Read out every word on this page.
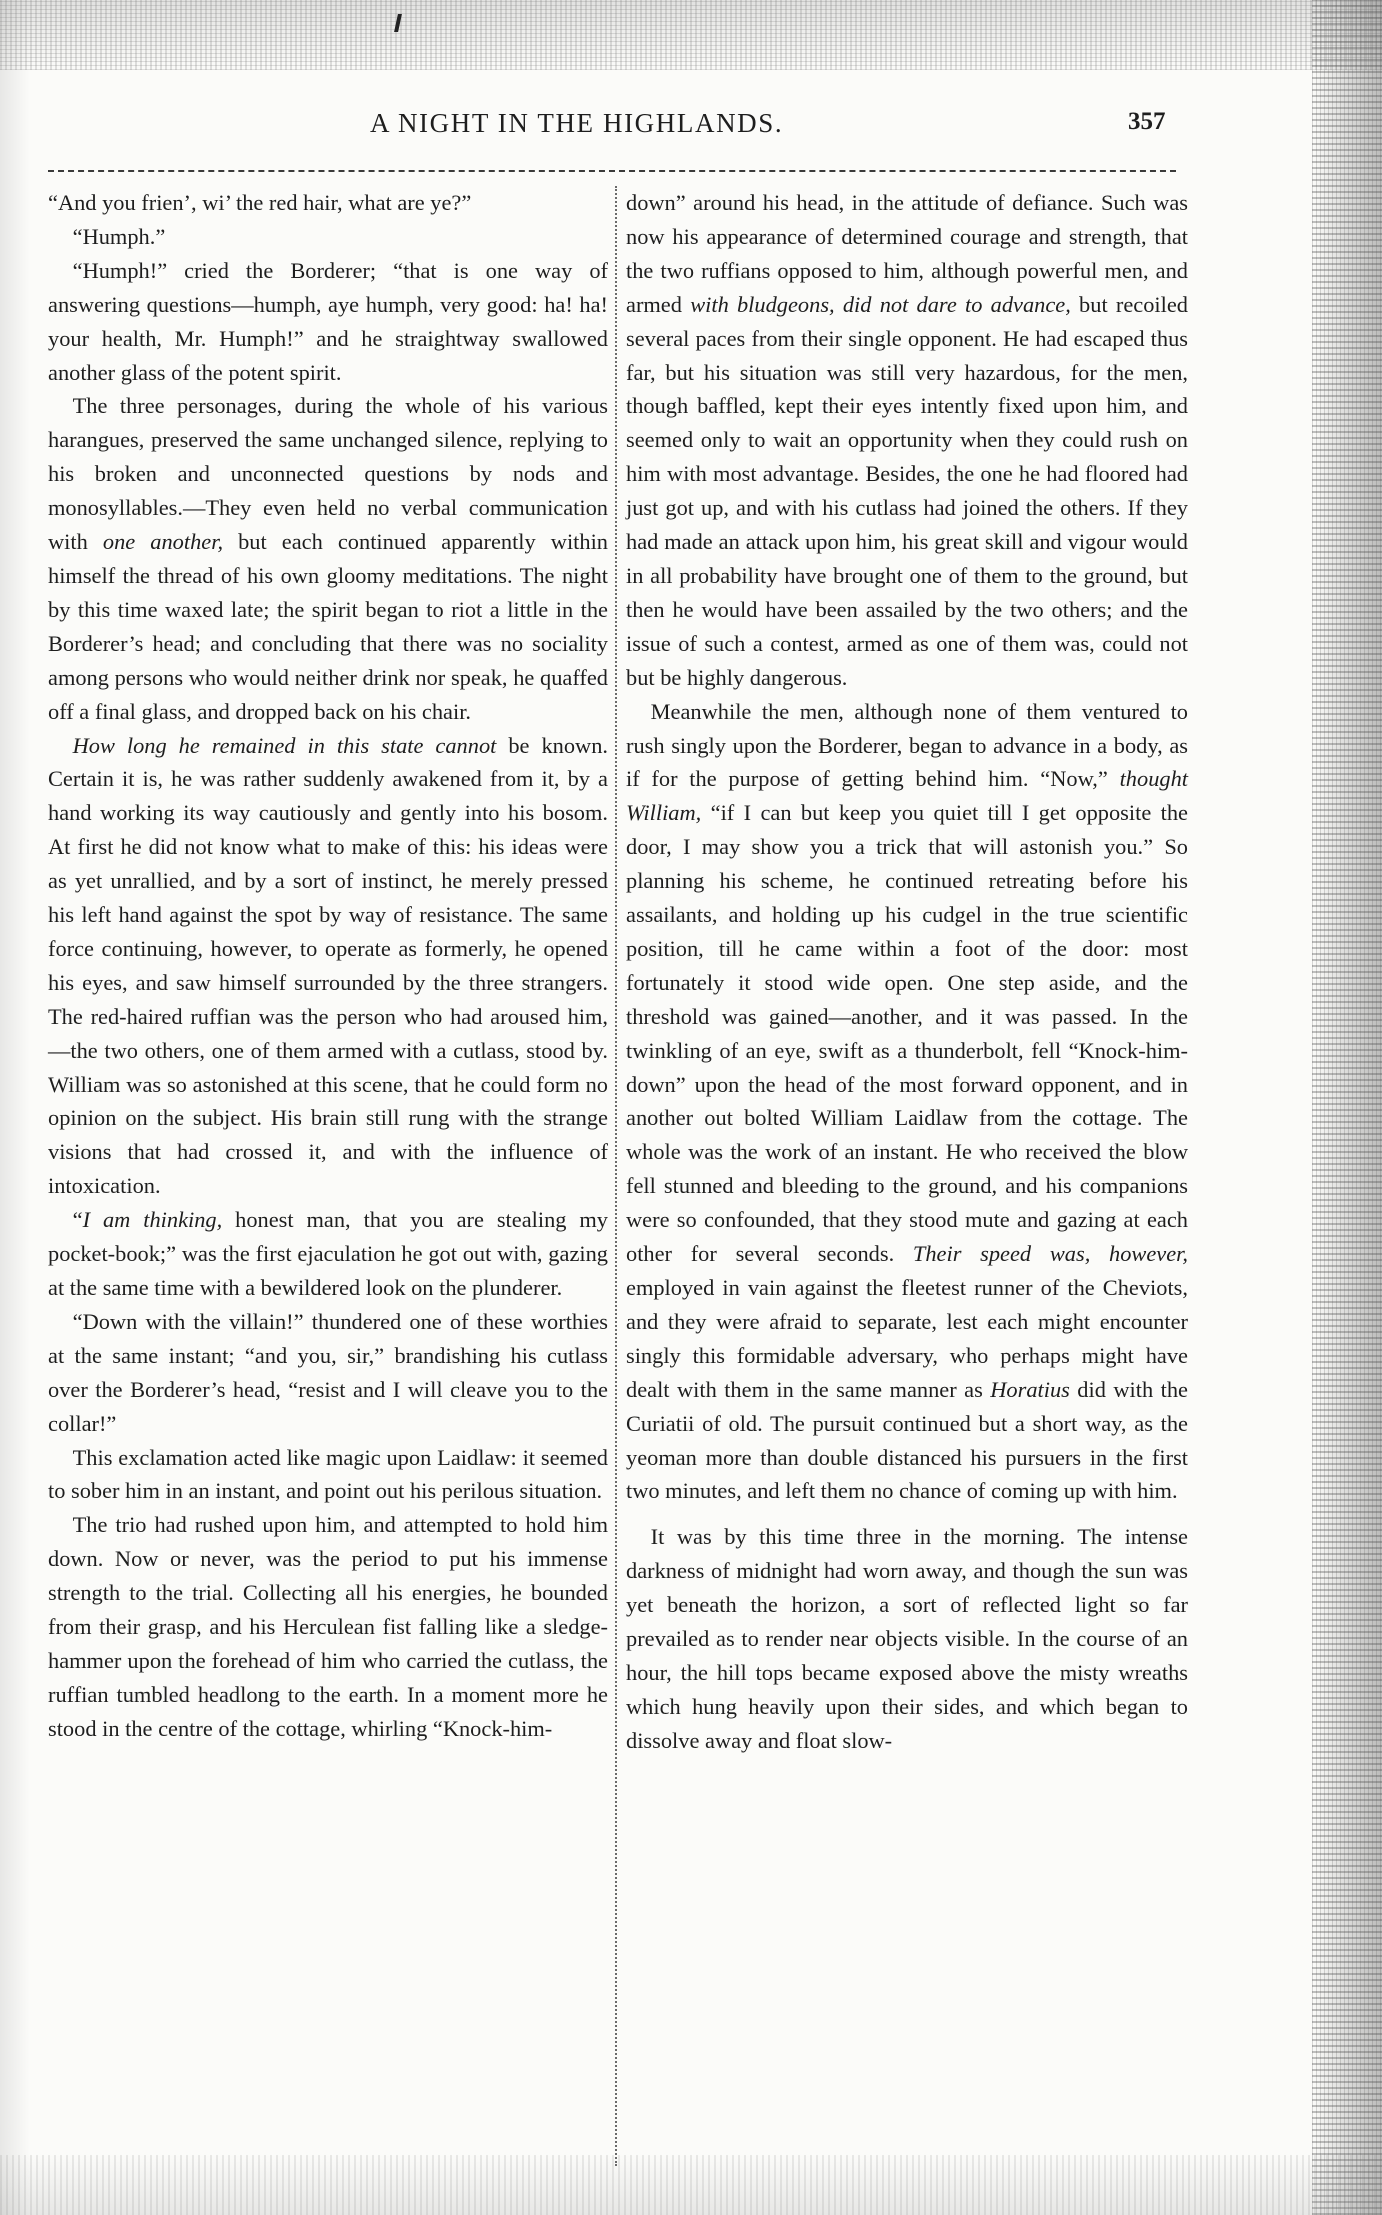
A NIGHT IN THE HIGHLANDS.	357

“And you frien’, wi’ the red hair, what are ye?”

“Humph.”

“Humph!” cried the Borderer; “that is one way of answering questions—humph, aye humph, very good: ha! ha! your health, Mr. Humph!” and he straightway swallowed another glass of the potent spirit.

The three personages, during the whole of his various harangues, preserved the same unchanged silence, replying to his broken and unconnected questions by nods and monosyllables.—They even held no verbal communication with one another, but each continued apparently within himself the thread of his own gloomy meditations. The night by this time waxed late; the spirit began to riot a little in the Borderer’s head; and concluding that there was no sociality among persons who would neither drink nor speak, he quaffed off a final glass, and dropped back on his chair.

How long he remained in this state cannot be known. Certain it is, he was rather suddenly awakened from it, by a hand working its way cautiously and gently into his bosom. At first he did not know what to make of this: his ideas were as yet unrallied, and by a sort of instinct, he merely pressed his left hand against the spot by way of resistance. The same force continuing, however, to operate as formerly, he opened his eyes, and saw himself surrounded by the three strangers. The red-haired ruffian was the person who had aroused him,—the two others, one of them armed with a cutlass, stood by. William was so astonished at this scene, that he could form no opinion on the subject. His brain still rung with the strange visions that had crossed it, and with the influence of intoxication.

“I am thinking, honest man, that you are stealing my pocket-book;” was the first ejaculation he got out with, gazing at the same time with a bewildered look on the plunderer.

“Down with the villain!” thundered one of these worthies at the same instant; “and you, sir,” brandishing his cutlass over the Borderer’s head, “resist and I will cleave you to the collar!”

This exclamation acted like magic upon Laidlaw: it seemed to sober him in an instant, and point out his perilous situation.

The trio had rushed upon him, and attempted to hold him down. Now or never, was the period to put his immense strength to the trial. Collecting all his energies, he bounded from their grasp, and his Herculean fist falling like a sledge-hammer upon the forehead of him who carried the cutlass, the ruffian tumbled headlong to the earth. In a moment more he stood in the centre of the cottage, whirling “Knock-him-

down” around his head, in the attitude of defiance. Such was now his appearance of determined courage and strength, that the two ruffians opposed to him, although powerful men, and armed with bludgeons, did not dare to advance, but recoiled several paces from their single opponent. He had escaped thus far, but his situation was still very hazardous, for the men, though baffled, kept their eyes intently fixed upon him, and seemed only to wait an opportunity when they could rush on him with most advantage. Besides, the one he had floored had just got up, and with his cutlass had joined the others. If they had made an attack upon him, his great skill and vigour would in all probability have brought one of them to the ground, but then he would have been assailed by the two others; and the issue of such a contest, armed as one of them was, could not but be highly dangerous.

Meanwhile the men, although none of them ventured to rush singly upon the Borderer, began to advance in a body, as if for the purpose of getting behind him. “Now,” thought William, “if I can but keep you quiet till I get opposite the door, I may show you a trick that will astonish you.” So planning his scheme, he continued retreating before his assailants, and holding up his cudgel in the true scientific position, till he came within a foot of the door: most fortunately it stood wide open. One step aside, and the threshold was gained—another, and it was passed. In the twinkling of an eye, swift as a thunderbolt, fell “Knock-him-down” upon the head of the most forward opponent, and in another out bolted William Laidlaw from the cottage. The whole was the work of an instant. He who received the blow fell stunned and bleeding to the ground, and his companions were so confounded, that they stood mute and gazing at each other for several seconds. Their speed was, however, employed in vain against the fleetest runner of the Cheviots, and they were afraid to separate, lest each might encounter singly this formidable adversary, who perhaps might have dealt with them in the same manner as Horatius did with the Curiatii of old. The pursuit continued but a short way, as the yeoman more than double distanced his pursuers in the first two minutes, and left them no chance of coming up with him.

It was by this time three in the morning. The intense darkness of midnight had worn away, and though the sun was yet beneath the horizon, a sort of reflected light so far prevailed as to render near objects visible. In the course of an hour, the hill tops became exposed above the misty wreaths which hung heavily upon their sides, and which began to dissolve away and float slow-
